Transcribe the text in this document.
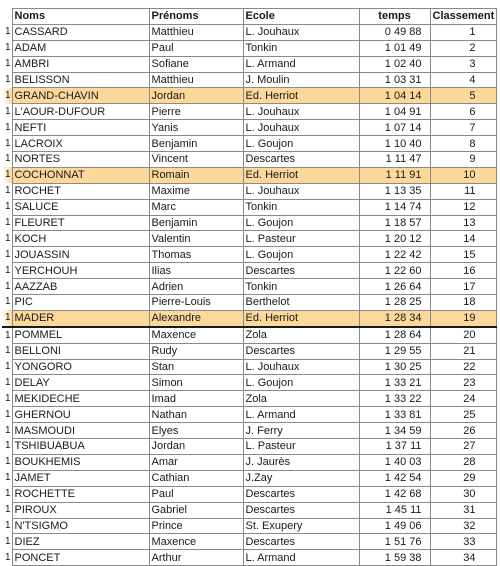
	Noms	Prénoms	Ecole	temps	Classement
1	CASSARD	Matthieu	L. Jouhaux	0 49 88	1
1	ADAM	Paul	Tonkin	1 01 49	2
1	AMBRI	Sofiane	L. Armand	1 02 40	3
1	BELISSON	Matthieu	J. Moulin	1 03 31	4
1	GRAND-CHAVIN	Jordan	Ed. Herriot	1 04 14	5
1	L'AOUR-DUFOUR	Pierre	L. Jouhaux	1 04 91	6
1	NEFTI	Yanis	L. Jouhaux	1 07 14	7
1	LACROIX	Benjamin	L. Goujon	1 10 40	8
1	NORTES	Vincent	Descartes	1 11 47	9
1	COCHONNAT	Romain	Ed. Herriot	1 11 91	10
1	ROCHET	Maxime	L. Jouhaux	1 13 35	11
1	SALUCE	Marc	Tonkin	1 14 74	12
1	FLEURET	Benjamin	L. Goujon	1 18 57	13
1	KOCH	Valentin	L. Pasteur	1 20 12	14
1	JOUASSIN	Thomas	L. Goujon	1 22 42	15
1	YERCHOUH	Ilias	Descartes	1 22 60	16
1	AAZZAB	Adrien	Tonkin	1 26 64	17
1	PIC	Pierre-Louis	Berthelot	1 28 25	18
1	MADER	Alexandre	Ed. Herriot	1 28 34	19
1	POMMEL	Maxence	Zola	1 28 64	20
1	BELLONI	Rudy	Descartes	1 29 55	21
1	YONGORO	Stan	L. Jouhaux	1 30 25	22
1	DELAY	Simon	L. Goujon	1 33 21	23
1	MEKIDECHE	Imad	Zola	1 33 22	24
1	GHERNOU	Nathan	L. Armand	1 33 81	25
1	MASMOUDI	Elyes	J. Ferry	1 34 59	26
1	TSHIBUABUA	Jordan	L. Pasteur	1 37 11	27
1	BOUKHEMIS	Amar	J. Jaurès	1 40 03	28
1	JAMET	Cathian	J.Zay	1 42 54	29
1	ROCHETTE	Paul	Descartes	1 42 68	30
1	PIROUX	Gabriel	Descartes	1 45 11	31
1	N'TSIGMO	Prince	St. Exupery	1 49 06	32
1	DIEZ	Maxence	Descartes	1 51 76	33
1	PONCET	Arthur	L. Armand	1 59 38	34
